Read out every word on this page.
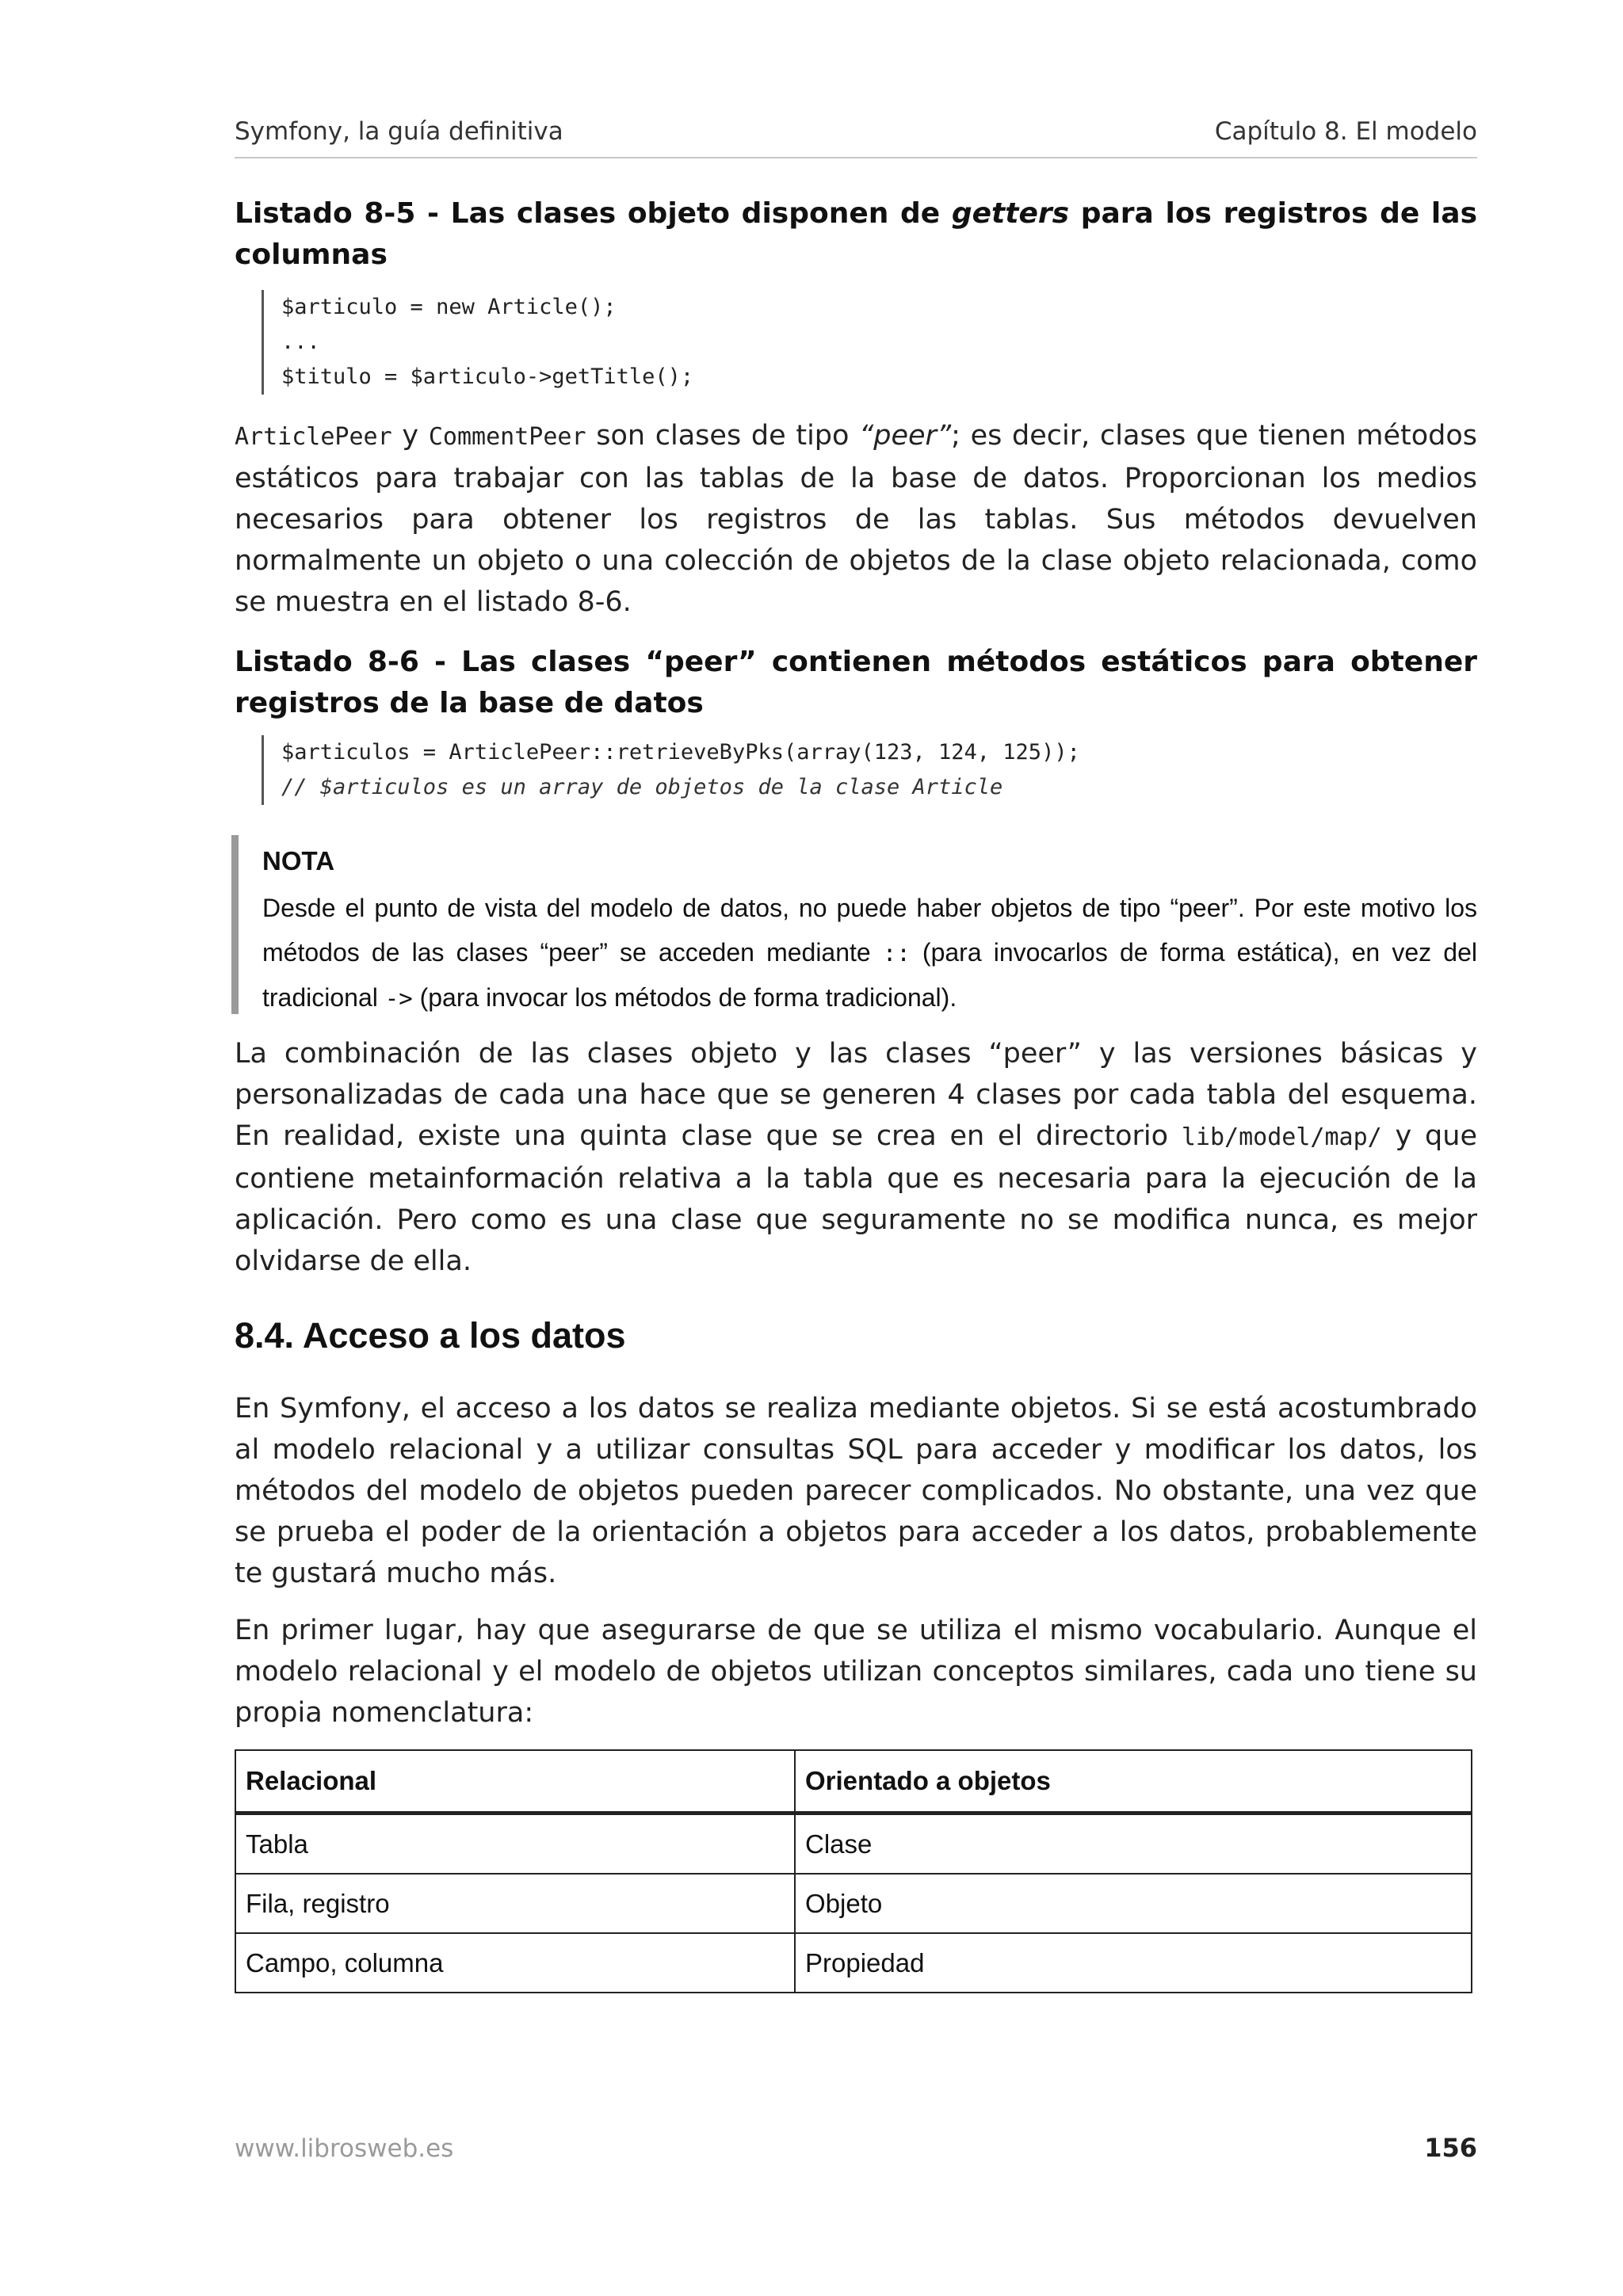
Symfony, la guía definitiva	Capítulo 8. El modelo

Listado 8-5 - Las clases objeto disponen de getters para los registros de las columnas

$articulo = new Article();
...
$titulo = $articulo->getTitle();

ArticlePeer y CommentPeer son clases de tipo “peer”; es decir, clases que tienen métodos estáticos para trabajar con las tablas de la base de datos. Proporcionan los medios necesarios para obtener los registros de las tablas. Sus métodos devuelven normalmente un objeto o una colección de objetos de la clase objeto relacionada, como se muestra en el listado 8-6.

Listado 8-6 - Las clases “peer” contienen métodos estáticos para obtener registros de la base de datos

$articulos = ArticlePeer::retrieveByPks(array(123, 124, 125));
// $articulos es un array de objetos de la clase Article
NOTA
Desde el punto de vista del modelo de datos, no puede haber objetos de tipo “peer”. Por este motivo los métodos de las clases “peer” se acceden mediante :: (para invocarlos de forma estática), en vez del tradicional -> (para invocar los métodos de forma tradicional).

La combinación de las clases objeto y las clases “peer” y las versiones básicas y personalizadas de cada una hace que se generen 4 clases por cada tabla del esquema. En realidad, existe una quinta clase que se crea en el directorio lib/model/map/ y que contiene metainformación relativa a la tabla que es necesaria para la ejecución de la aplicación. Pero como es una clase que seguramente no se modifica nunca, es mejor olvidarse de ella.

8.4. Acceso a los datos

En Symfony, el acceso a los datos se realiza mediante objetos. Si se está acostumbrado al modelo relacional y a utilizar consultas SQL para acceder y modificar los datos, los métodos del modelo de objetos pueden parecer complicados. No obstante, una vez que se prueba el poder de la orientación a objetos para acceder a los datos, probablemente te gustará mucho más.

En primer lugar, hay que asegurarse de que se utiliza el mismo vocabulario. Aunque el modelo relacional y el modelo de objetos utilizan conceptos similares, cada uno tiene su propia nomenclatura:

Relacional	Orientado a objetos
Tabla	Clase
Fila, registro	Objeto
Campo, columna	Propiedad
www.librosweb.es	156
